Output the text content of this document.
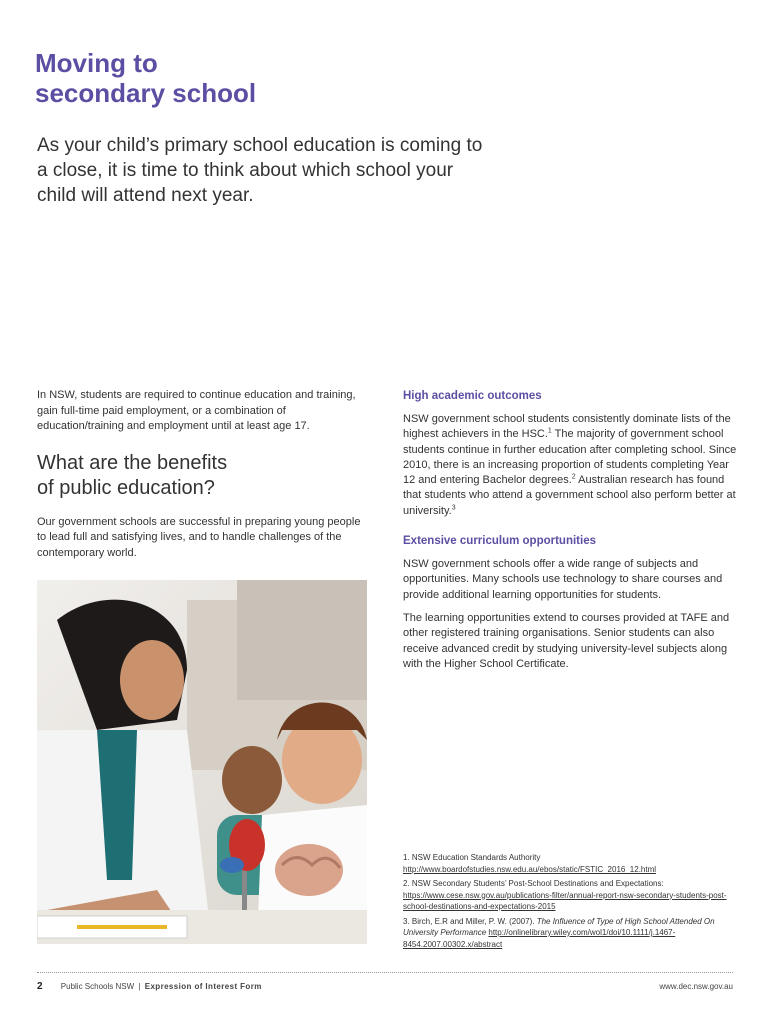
Moving to
secondary school

As your child’s primary school education is coming to a close, it is time to think about which school your child will attend next year.

In NSW, students are required to continue education and training, gain full-time paid employment, or a combination of education/training and employment until at least age 17.

What are the benefits
of public education?

Our government schools are successful in preparing young people to lead full and satisfying lives, and to handle challenges of the contemporary world.

High academic outcomes

NSW government school students consistently dominate lists of the highest achievers in the HSC.$^1$ The majority of government school students continue in further education after completing school. Since 2010, there is an increasing proportion of students completing Year 12 and entering Bachelor degrees.$^2$ Australian research has found that students who attend a government school also perform better at university.$^3$

Extensive curriculum opportunities

NSW government schools offer a wide range of subjects and opportunities. Many schools use technology to share courses and provide additional learning opportunities for students.

The learning opportunities extend to courses provided at TAFE and other registered training organisations. Senior students can also receive advanced credit by studying university-level subjects along with the Higher School Certificate.

1. NSW Education Standards Authority http://www.boardofstudies.nsw.edu.au/ebos/static/FSTIC_2016_12.html

2. NSW Secondary Students’ Post-School Destinations and Expectations: https://www.cese.nsw.gov.au/publications-filter/annual-report-nsw-secondary-students-post-school-destinations-and-expectations-2015

3. Birch, E.R and Miller, P. W. (2007). The Influence of Type of High School Attended On University Performance http://onlinelibrary.wiley.com/wol1/doi/10.1111/j.1467-8454.2007.00302.x/abstract

2 Public Schools NSW | Expression of Interest Form	www.dec.nsw.gov.au
